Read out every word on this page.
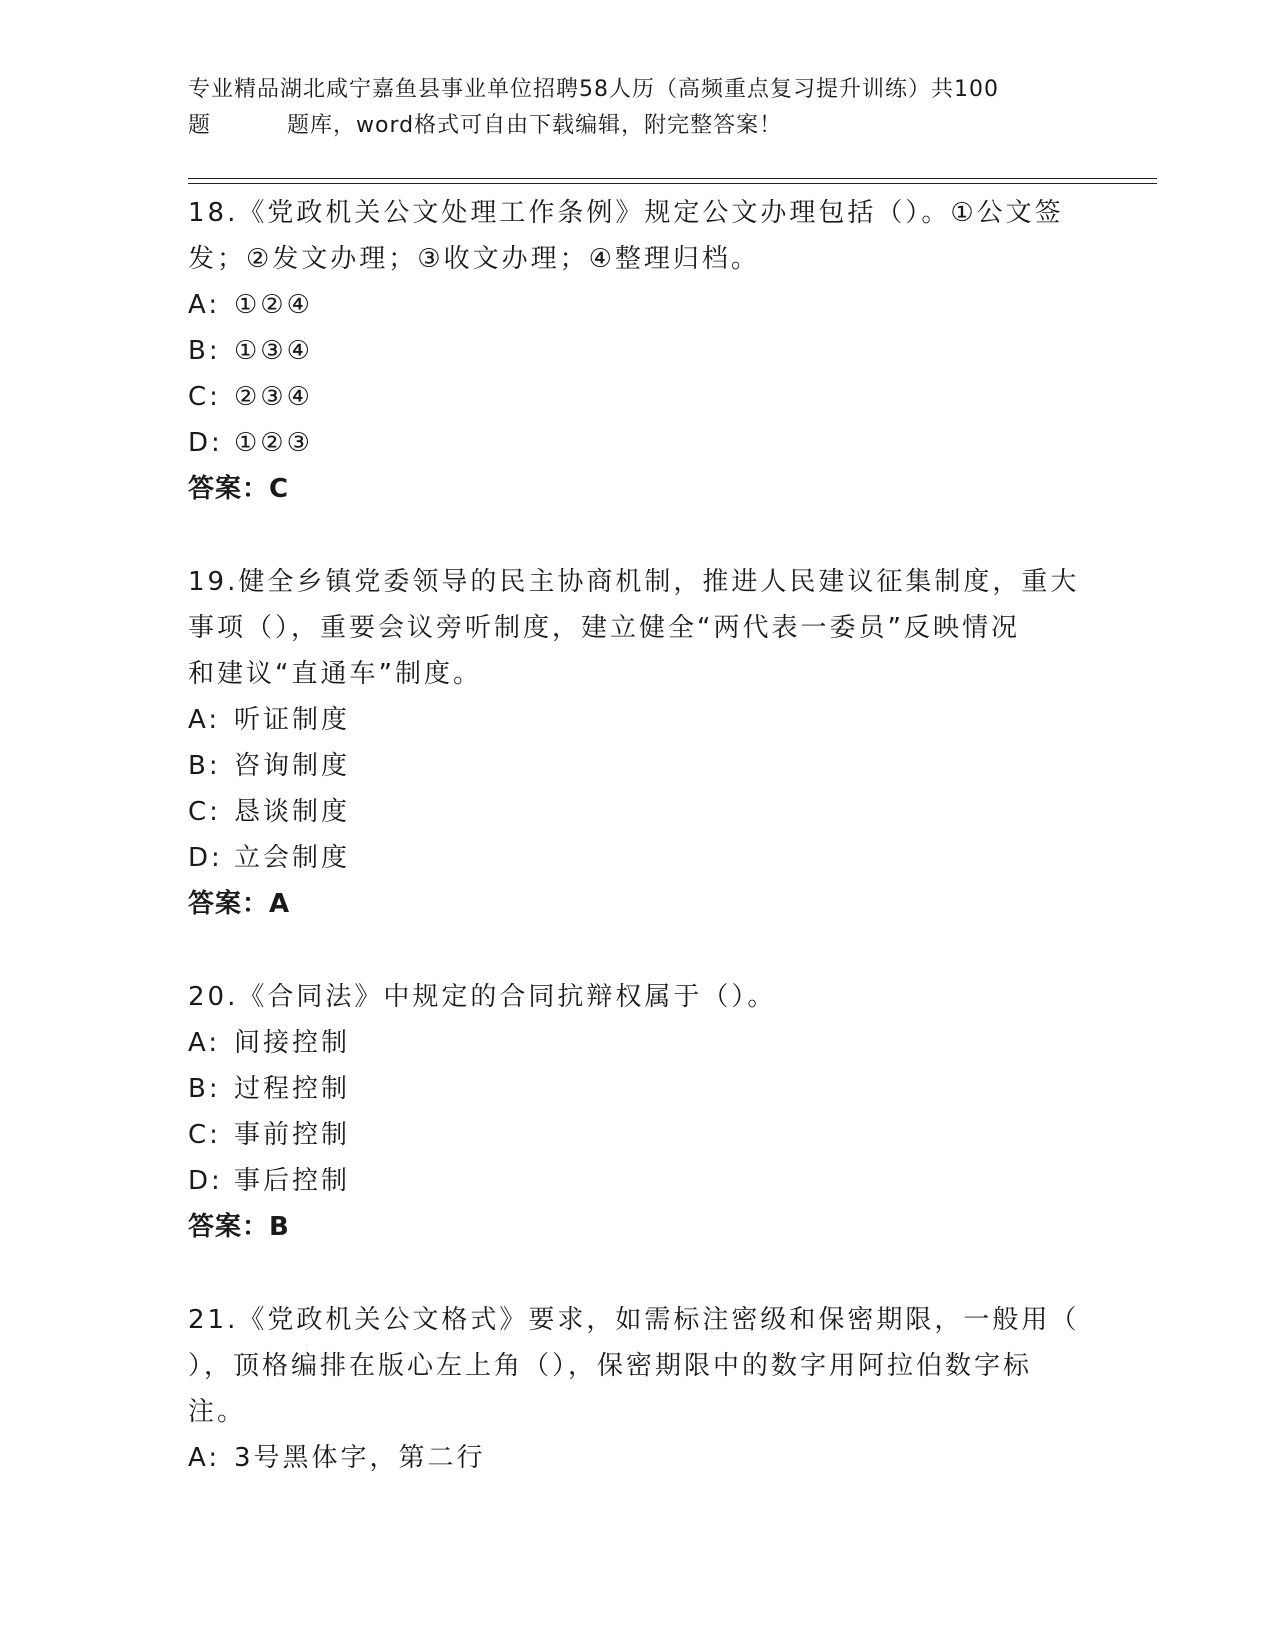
专业精品湖北咸宁嘉鱼县事业单位招聘58人历（高频重点复习提升训练）共100
题	题库，word格式可自由下载编辑，附完整答案！
18.《党政机关公文处理工作条例》规定公文办理包括（）。①公文签
发；②发文办理；③收文办理；④整理归档。
A: ①②④
B: ①③④
C: ②③④
D: ①②③
答案：C
19.健全乡镇党委领导的民主协商机制，推进人民建议征集制度，重大
事项（），重要会议旁听制度，建立健全“两代表一委员”反映情况
和建议“直通车”制度。
A: 听证制度
B: 咨询制度
C: 恳谈制度
D: 立会制度
答案：A
20.《合同法》中规定的合同抗辩权属于（）。
A: 间接控制
B: 过程控制
C: 事前控制
D: 事后控制
答案：B
21.《党政机关公文格式》要求，如需标注密级和保密期限，一般用（
），顶格编排在版心左上角（），保密期限中的数字用阿拉伯数字标
注。
A: 3号黑体字，第二行
